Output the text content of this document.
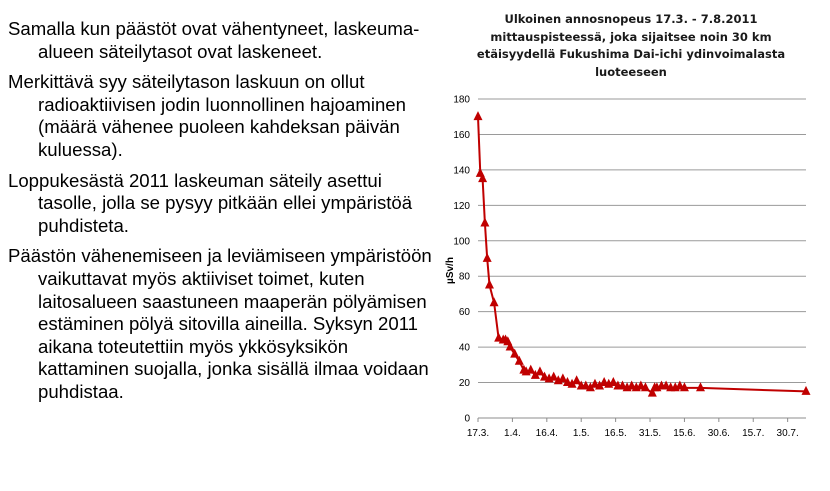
Samalla kun päästöt ovat vähentyneet, laskeuma-alueen säteilytasot ovat laskeneet.

Merkittävä syy säteilytason laskuun on ollut radioaktiivisen jodin luonnollinen hajoaminen (määrä vähenee puoleen kahdeksan päivän kuluessa).

Loppukesästä 2011 laskeuman säteily asettui tasolle, jolla se pysyy pitkään ellei ympäristöä puhdisteta.

Päästön vähenemiseen ja leviämiseen ympäristöön vaikuttavat myös aktiiviset toimet, kuten laitosalueen saastuneen maaperän pölyämisen estäminen pölyä sitovilla aineilla. Syksyn 2011 aikana toteutettiin myös ykkösyksikön kattaminen suojalla, jonka sisällä ilmaa voidaan puhdistaa.

Ulkoinen annosnopeus 17.3. - 7.8.2011
mittauspisteessä, joka sijaitsee noin 30 km
etäisyydellä Fukushima Dai-ichi ydinvoimalasta
luoteeseen
0
20
40
60
80
100
120
140
160
180
17.3. 1.4. 16.4. 1.5. 16.5. 31.5. 15.6. 30.6. 15.7. 30.7.
µSv/h
